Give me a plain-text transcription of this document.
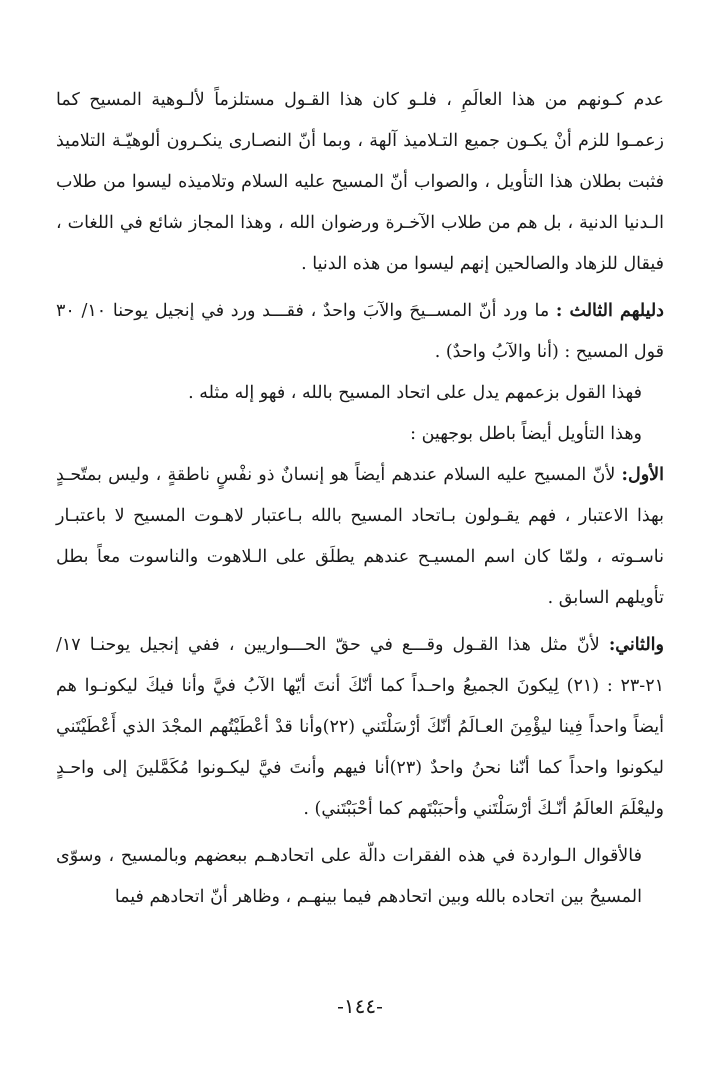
عدم كـونهم من هذا العالَمِ ، فلـو كان هذا القـول مستلزماً لألـوهية المسيح كما زعمـوا للزم أنْ يكـون جميع التـلاميذ آلهة ، وبما أنّ النصـارى ينكـرون ألوهيّـة التلاميذ فثبت بطلان هذا التأويل ، والصواب أنّ المسيح عليه السلام وتلاميذه ليسوا من طلاب الـدنيا الدنية ، بل هم من طلاب الآخـرة ورضوان الله ، وهذا المجاز شائع في اللغات ، فيقال للزهاد والصالحين إنهم ليسوا من هذه الدنيا .

دليلهم الثالث : ما ورد أنّ المســيحَ والآبَ واحدٌ ، فقـــد ورد في إنجيل يوحنا ١٠/ ٣٠ قول المسيح : (أنا والآبُ واحدٌ) .

فهذا القول بزعمهم يدل على اتحاد المسيح بالله ، فهو إله مثله .

وهذا التأويل أيضاً باطل بوجهين :

الأول: لأنّ المسيح عليه السلام عندهم أيضاً هو إنسانٌ ذو نفْسٍ ناطقةٍ ، وليس بمتّحـدٍ بهذا الاعتبار ، فهم يقـولون بـاتحاد المسيح بالله بـاعتبار لاهـوت المسيح لا باعتبـار ناسـوته ، ولمّا كان اسم المسيـح عندهم يطلَق على الـلاهوت والناسوت معاً بطل تأويلهم السابق .

والثاني: لأنّ مثل هذا القـول وقـــع في حقّ الحـــواريين ، ففي إنجيل يوحنـا ١٧/ ٢١-٢٣ : (٢١) لِيكونَ الجميعُ واحـداً كما أنّكَ أنتَ أيّها الآبُ فيَّ وأنا فيكَ ليكونـوا هم أيضاً واحداً فِينا ليؤْمِنَ العـالَمُ أنّكَ أرْسَلْتَني (٢٢)وأنا قدْ أعْطَيْتُهم المجْدَ الذي أَعْطَيْتَني ليكونوا واحداً كما أنّنا نحنُ واحدٌ (٢٣)أنا فيهم وأنتَ فيَّ ليكـونوا مُكَمَّلينَ إلى واحـدٍ وليعْلَمَ العالَمُ أنّـكَ أرْسَلْتَني وأحبَبْتَهم كما أحْبَبْتَني) .

فالأقوال الـواردة في هذه الفقرات دالّة على اتحادهـم ببعضهم وبالمسيح ، وسوّى المسيحُ بين اتحاده بالله وبين اتحادهم فيما بينهـم ، وظاهر أنّ اتحادهم فيما

-١٤٤-
